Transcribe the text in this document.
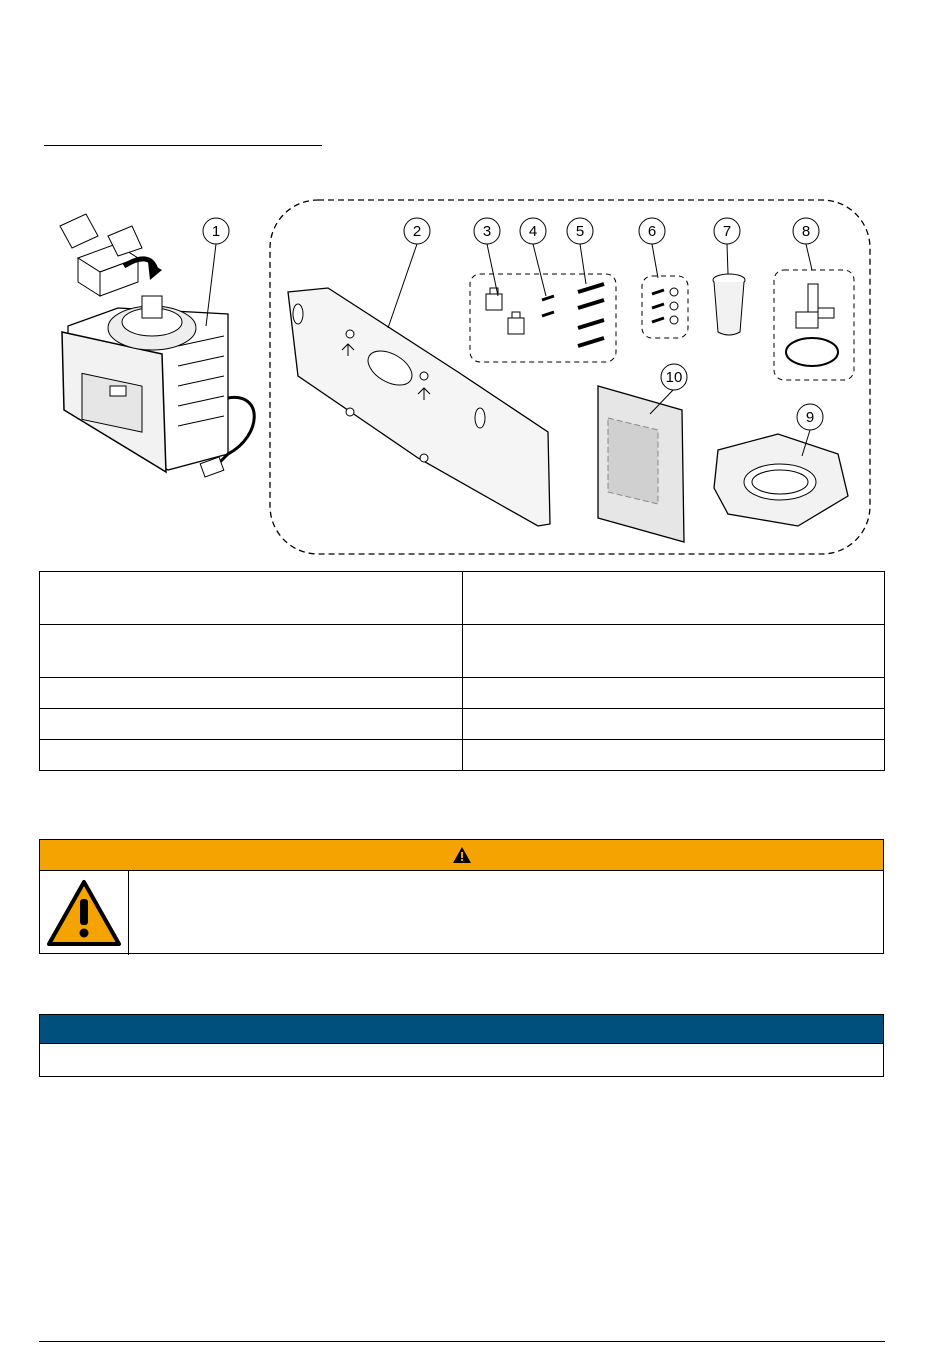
1	2	3	4	5	6	7	8
9
10
